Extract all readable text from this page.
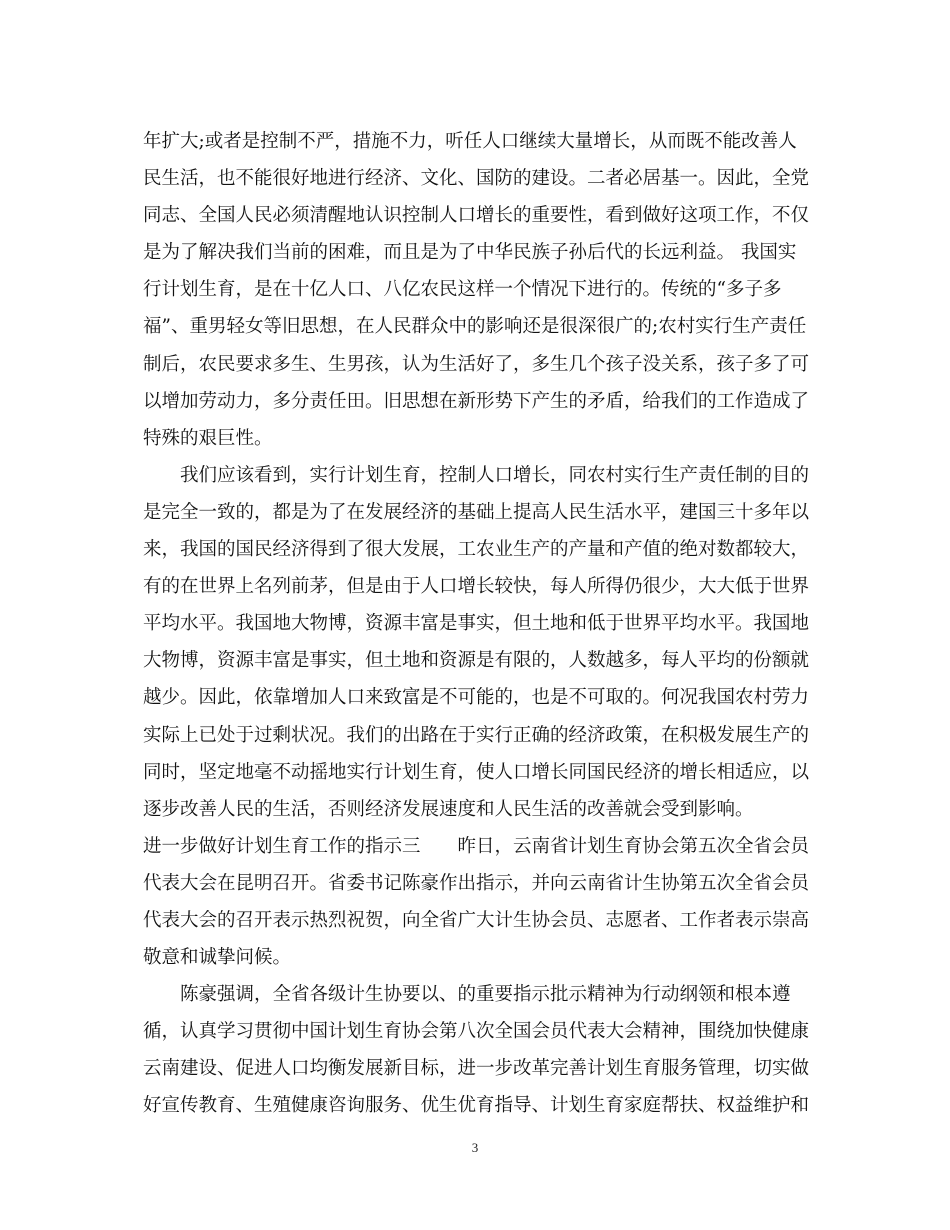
年扩大;或者是控制不严，措施不力，听任人口继续大量增长，从而既不能改善人
民生活，也不能很好地进行经济、文化、国防的建设。二者必居基一。因此，全党
同志、全国人民必须清醒地认识控制人口增长的重要性，看到做好这项工作，不仅
是为了解决我们当前的困难，而且是为了中华民族子孙后代的长远利益。 我国实
行计划生育，是在十亿人口、八亿农民这样一个情况下进行的。传统的“多子多
福”、重男轻女等旧思想，在人民群众中的影响还是很深很广的;农村实行生产责任
制后，农民要求多生、生男孩，认为生活好了，多生几个孩子没关系，孩子多了可
以增加劳动力，多分责任田。旧思想在新形势下产生的矛盾，给我们的工作造成了
特殊的艰巨性。
　　我们应该看到，实行计划生育，控制人口增长，同农村实行生产责任制的目的
是完全一致的，都是为了在发展经济的基础上提高人民生活水平，建国三十多年以
来，我国的国民经济得到了很大发展，工农业生产的产量和产值的绝对数都较大，
有的在世界上名列前茅，但是由于人口增长较快，每人所得仍很少，大大低于世界
平均水平。我国地大物博，资源丰富是事实，但土地和低于世界平均水平。我国地
大物博，资源丰富是事实，但土地和资源是有限的，人数越多，每人平均的份额就
越少。因此，依靠增加人口来致富是不可能的，也是不可取的。何况我国农村劳力
实际上已处于过剩状况。我们的出路在于实行正确的经济政策，在积极发展生产的
同时，坚定地毫不动摇地实行计划生育，使人口增长同国民经济的增长相适应，以
逐步改善人民的生活，否则经济发展速度和人民生活的改善就会受到影响。
进一步做好计划生育工作的指示三　　昨日，云南省计划生育协会第五次全省会员
代表大会在昆明召开。省委书记陈豪作出指示，并向云南省计生协第五次全省会员
代表大会的召开表示热烈祝贺，向全省广大计生协会员、志愿者、工作者表示崇高
敬意和诚挚问候。
　　陈豪强调，全省各级计生协要以、的重要指示批示精神为行动纲领和根本遵
循，认真学习贯彻中国计划生育协会第八次全国会员代表大会精神，围绕加快健康
云南建设、促进人口均衡发展新目标，进一步改革完善计划生育服务管理，切实做
好宣传教育、生殖健康咨询服务、优生优育指导、计划生育家庭帮扶、权益维护和
3
